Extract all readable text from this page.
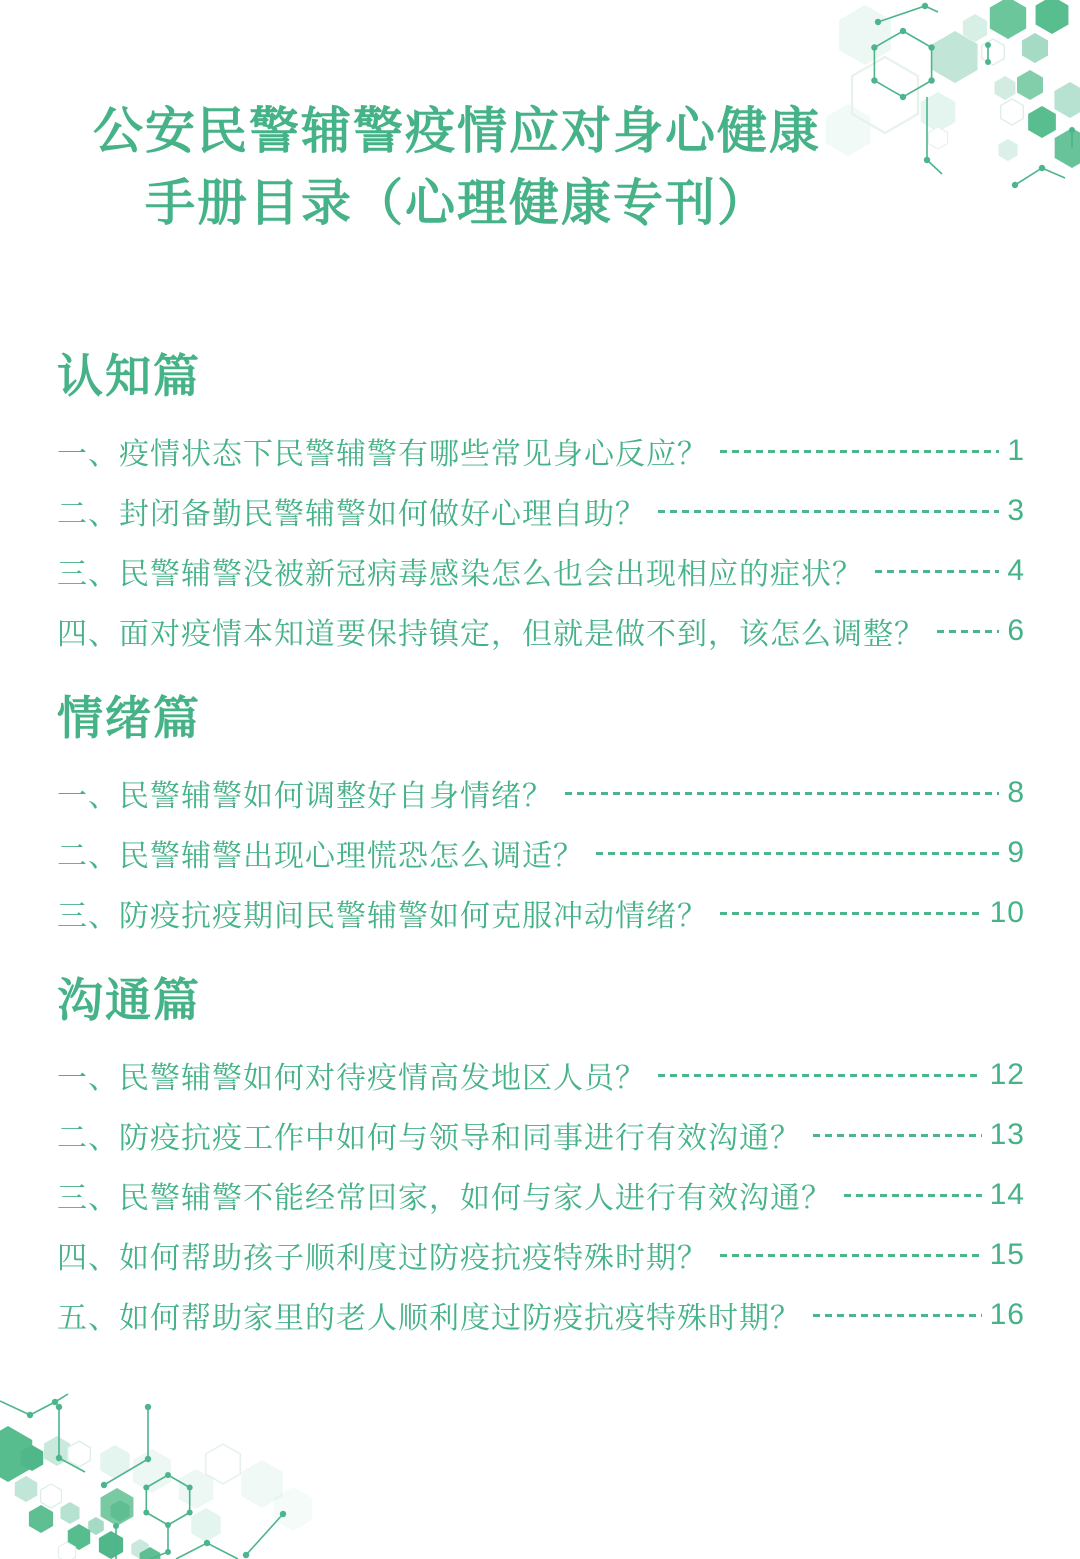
公安民警辅警疫情应对身心健康
手册目录（心理健康专刊）
认知篇
一、疫情状态下民警辅警有哪些常见身心反应？	1
二、封闭备勤民警辅警如何做好心理自助？	3
三、民警辅警没被新冠病毒感染怎么也会出现相应的症状？	4
四、面对疫情本知道要保持镇定，但就是做不到，该怎么调整？	6
情绪篇
一、民警辅警如何调整好自身情绪？	8
二、民警辅警出现心理慌恐怎么调适？	9
三、防疫抗疫期间民警辅警如何克服冲动情绪？	10
沟通篇
一、民警辅警如何对待疫情高发地区人员？	12
二、防疫抗疫工作中如何与领导和同事进行有效沟通？	13
三、民警辅警不能经常回家，如何与家人进行有效沟通？	14
四、如何帮助孩子顺利度过防疫抗疫特殊时期？	15
五、如何帮助家里的老人顺利度过防疫抗疫特殊时期？	16
